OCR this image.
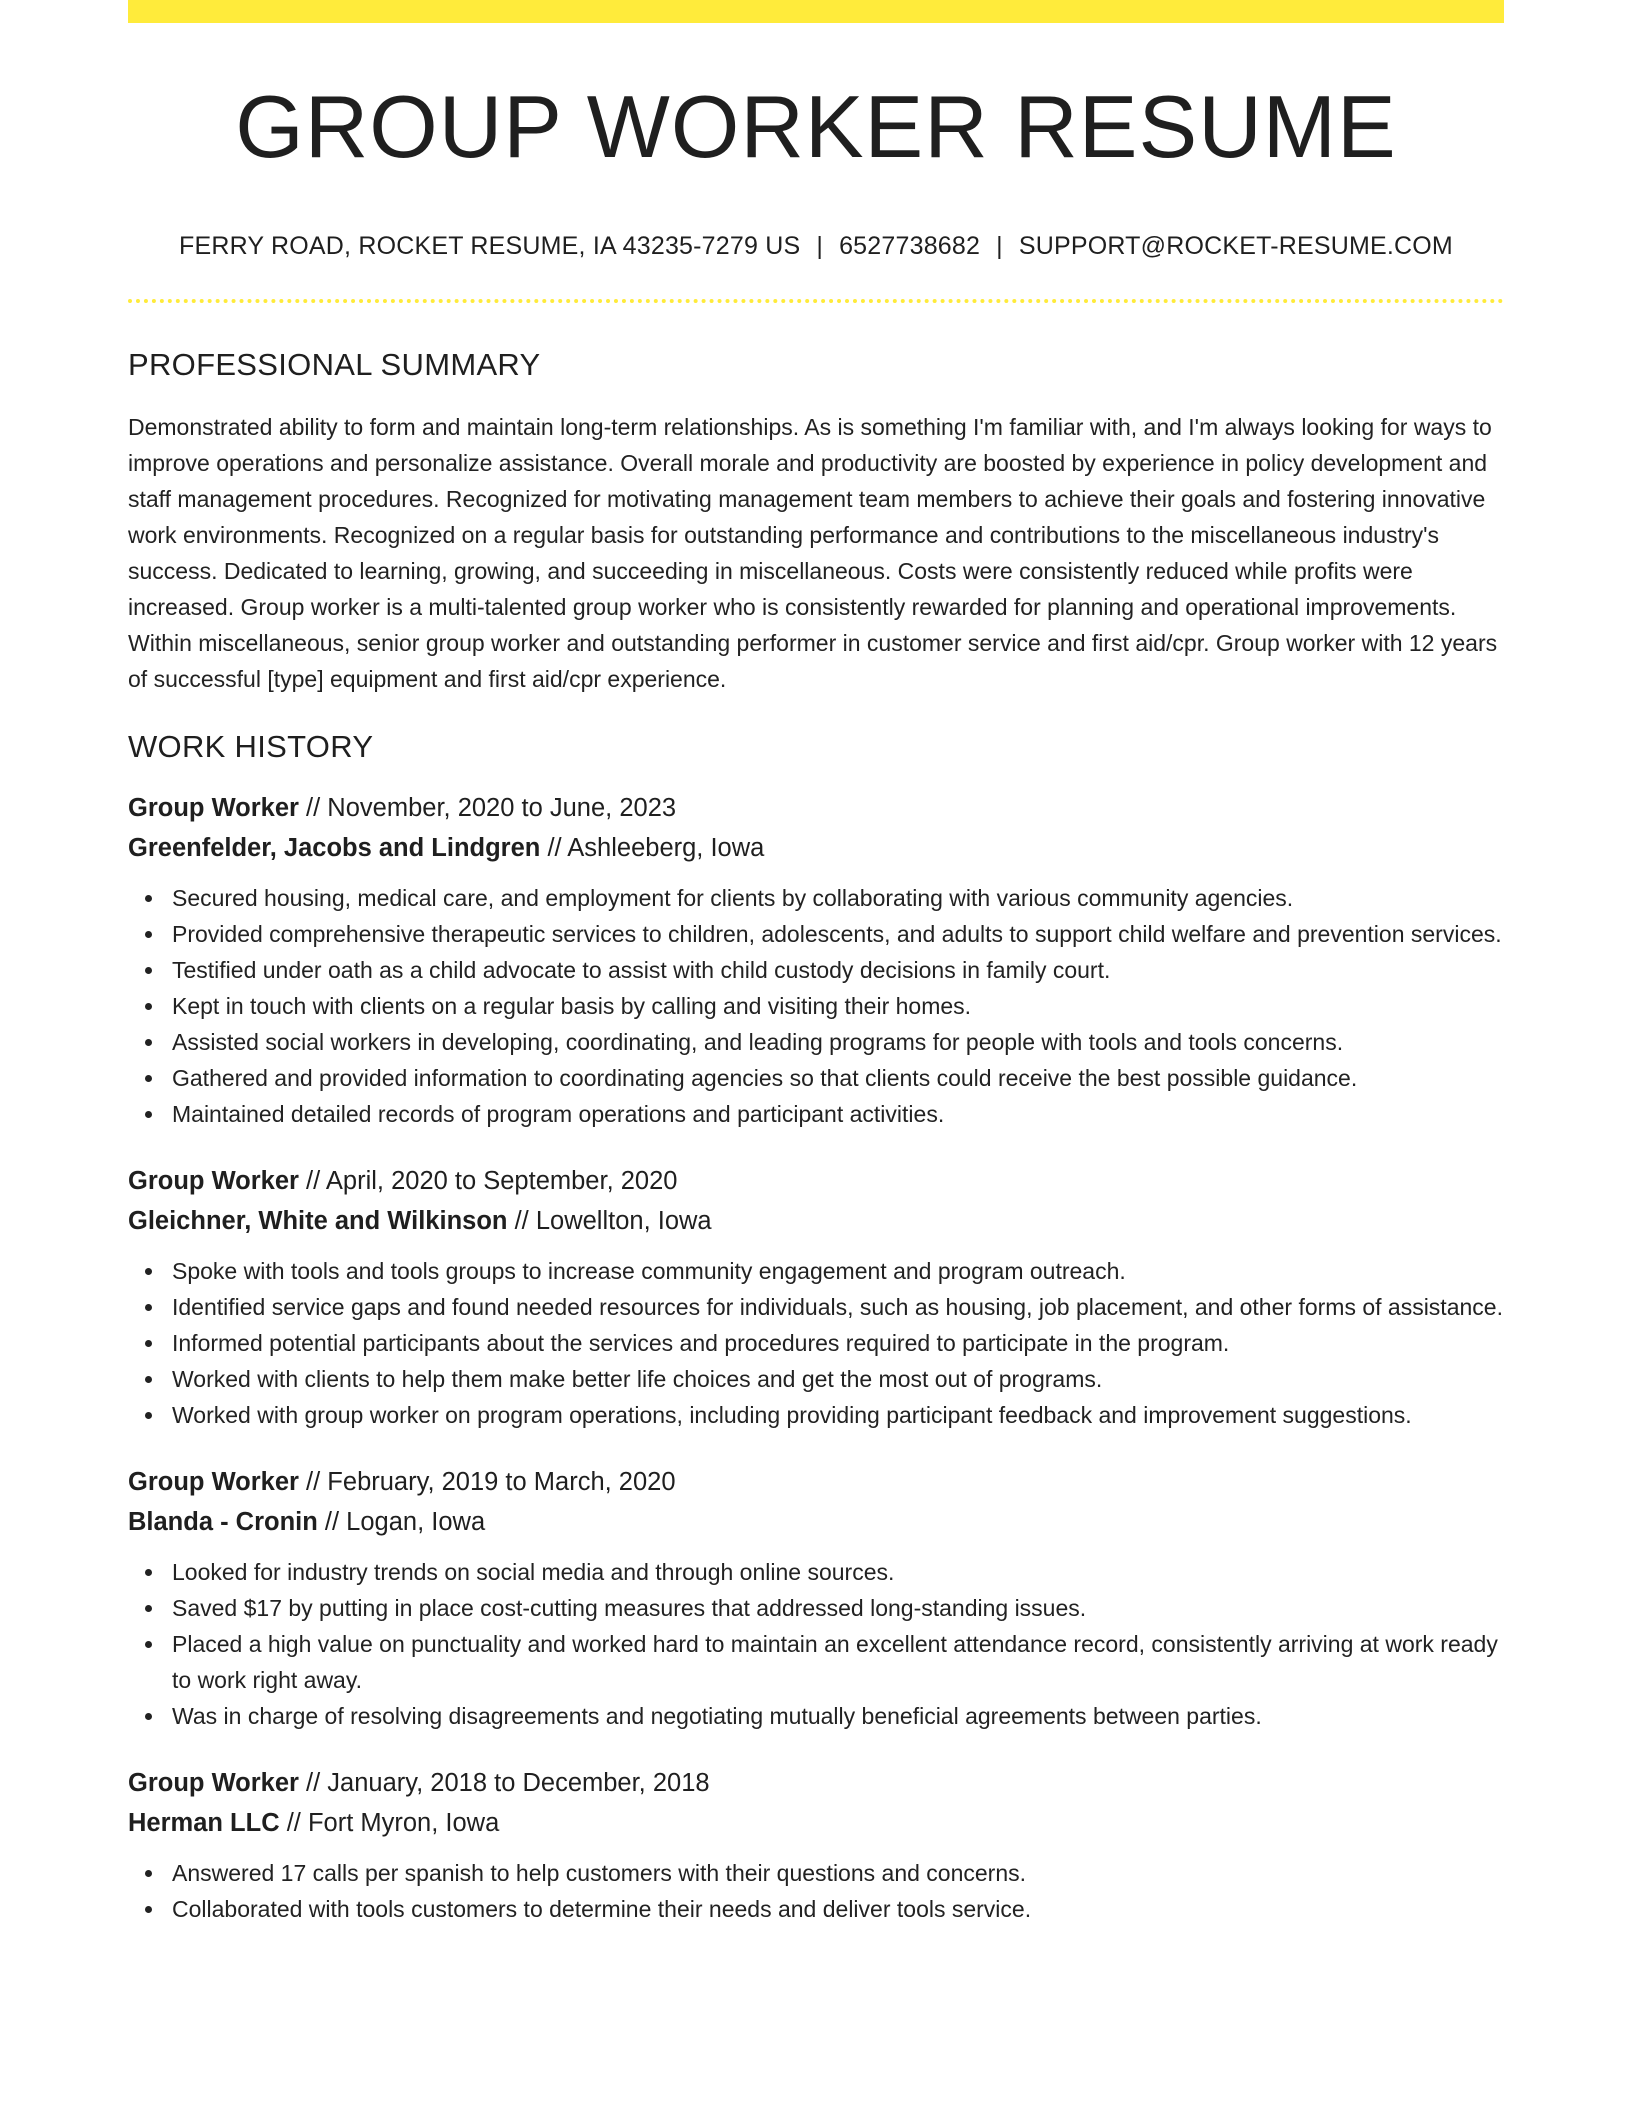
GROUP WORKER RESUME
FERRY ROAD, ROCKET RESUME, IA 43235-7279 US | 6527738682 | SUPPORT@ROCKET-RESUME.COM
PROFESSIONAL SUMMARY

Demonstrated ability to form and maintain long-term relationships. As is something I'm familiar with, and I'm always looking for ways to improve operations and personalize assistance. Overall morale and productivity are boosted by experience in policy development and staff management procedures. Recognized for motivating management team members to achieve their goals and fostering innovative work environments. Recognized on a regular basis for outstanding performance and contributions to the miscellaneous industry's success. Dedicated to learning, growing, and succeeding in miscellaneous. Costs were consistently reduced while profits were increased. Group worker is a multi-talented group worker who is consistently rewarded for planning and operational improvements. Within miscellaneous, senior group worker and outstanding performer in customer service and first aid/cpr. Group worker with 12 years of successful [type] equipment and first aid/cpr experience.

WORK HISTORY
Group Worker // November, 2020 to June, 2023
Greenfelder, Jacobs and Lindgren // Ashleeberg, Iowa
Secured housing, medical care, and employment for clients by collaborating with various community agencies.
Provided comprehensive therapeutic services to children, adolescents, and adults to support child welfare and prevention services.
Testified under oath as a child advocate to assist with child custody decisions in family court.
Kept in touch with clients on a regular basis by calling and visiting their homes.
Assisted social workers in developing, coordinating, and leading programs for people with tools and tools concerns.
Gathered and provided information to coordinating agencies so that clients could receive the best possible guidance.
Maintained detailed records of program operations and participant activities.
Group Worker // April, 2020 to September, 2020
Gleichner, White and Wilkinson // Lowellton, Iowa
Spoke with tools and tools groups to increase community engagement and program outreach.
Identified service gaps and found needed resources for individuals, such as housing, job placement, and other forms of assistance.
Informed potential participants about the services and procedures required to participate in the program.
Worked with clients to help them make better life choices and get the most out of programs.
Worked with group worker on program operations, including providing participant feedback and improvement suggestions.
Group Worker // February, 2019 to March, 2020
Blanda - Cronin // Logan, Iowa
Looked for industry trends on social media and through online sources.
Saved $17 by putting in place cost-cutting measures that addressed long-standing issues.
Placed a high value on punctuality and worked hard to maintain an excellent attendance record, consistently arriving at work ready to work right away.
Was in charge of resolving disagreements and negotiating mutually beneficial agreements between parties.
Group Worker // January, 2018 to December, 2018
Herman LLC // Fort Myron, Iowa
Answered 17 calls per spanish to help customers with their questions and concerns.
Collaborated with tools customers to determine their needs and deliver tools service.
